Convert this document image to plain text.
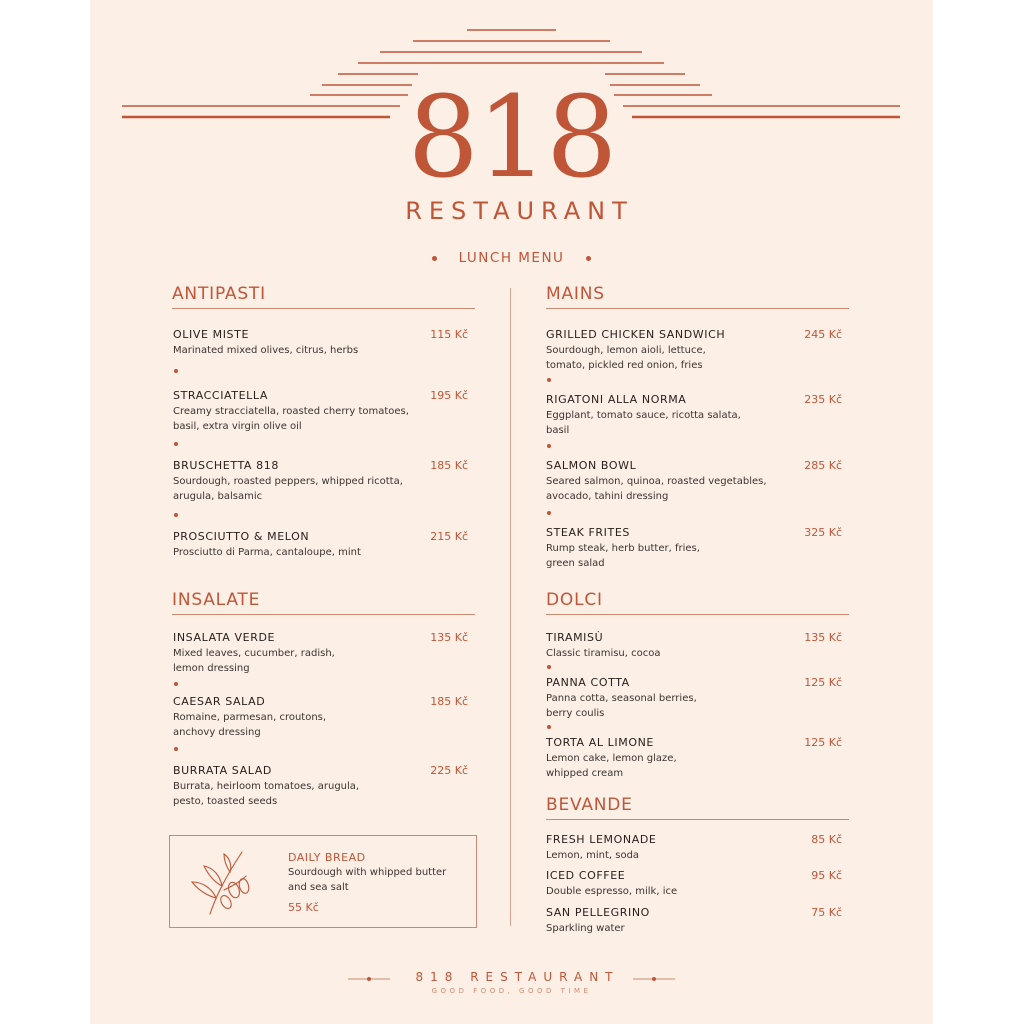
818
RESTAURANT
LUNCH MENU
ANTIPASTI
OLIVE MISTE	115 Kč
Marinated mixed olives, citrus, herbs
STRACCIATELLA	195 Kč
Creamy stracciatella, roasted cherry tomatoes, basil, extra virgin olive oil
BRUSCHETTA 818	185 Kč
Sourdough, roasted peppers, whipped ricotta, arugula, balsamic
PROSCIUTTO & MELON	215 Kč
Prosciutto di Parma, cantaloupe, mint
INSALATE
INSALATA VERDE	135 Kč
Mixed leaves, cucumber, radish, lemon dressing
CAESAR SALAD	185 Kč
Romaine, parmesan, croutons, anchovy dressing
BURRATA SALAD	225 Kč
Burrata, heirloom tomatoes, arugula, pesto, toasted seeds
DAILY BREAD
Sourdough with whipped butter and sea salt
55 Kč
MAINS
GRILLED CHICKEN SANDWICH	245 Kč
Sourdough, lemon aioli, lettuce, tomato, pickled red onion, fries
RIGATONI ALLA NORMA	235 Kč
Eggplant, tomato sauce, ricotta salata, basil
SALMON BOWL	285 Kč
Seared salmon, quinoa, roasted vegetables, avocado, tahini dressing
STEAK FRITES	325 Kč
Rump steak, herb butter, fries, green salad
DOLCI
TIRAMISÙ	135 Kč
Classic tiramisu, cocoa
PANNA COTTA	125 Kč
Panna cotta, seasonal berries, berry coulis
TORTA AL LIMONE	125 Kč
Lemon cake, lemon glaze, whipped cream
BEVANDE
FRESH LEMONADE	85 Kč
Lemon, mint, soda
ICED COFFEE	95 Kč
Double espresso, milk, ice
SAN PELLEGRINO	75 Kč
Sparkling water
818 RESTAURANT
GOOD FOOD, GOOD TIME
